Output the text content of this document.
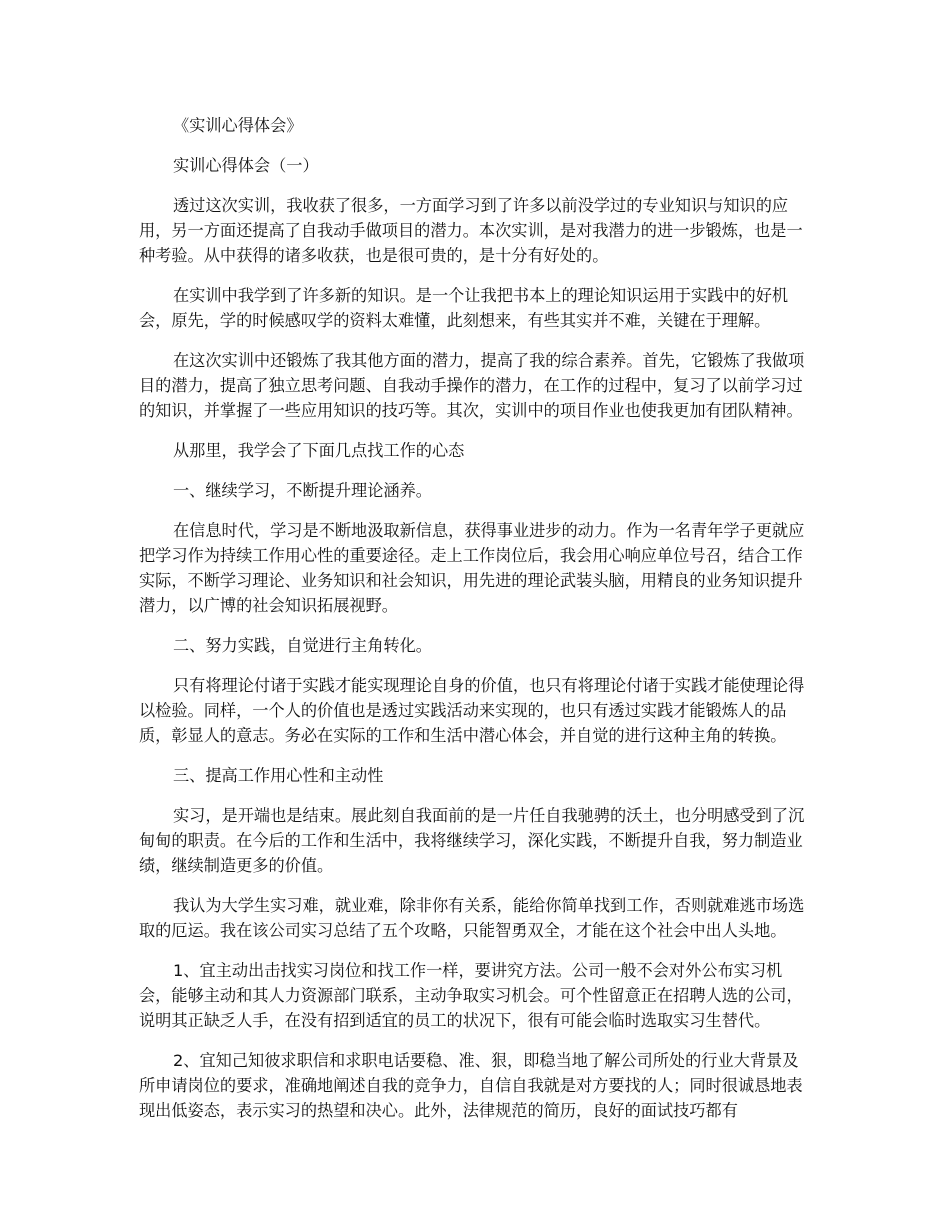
《实训心得体会》

实训心得体会（一）

透过这次实训，我收获了很多，一方面学习到了许多以前没学过的专业知识与知识的应
用，另一方面还提高了自我动手做项目的潜力。本次实训，是对我潜力的进一步锻炼，也是一
种考验。从中获得的诸多收获，也是很可贵的，是十分有好处的。
在实训中我学到了许多新的知识。是一个让我把书本上的理论知识运用于实践中的好机
会，原先，学的时候感叹学的资料太难懂，此刻想来，有些其实并不难，关键在于理解。
在这次实训中还锻炼了我其他方面的潜力，提高了我的综合素养。首先，它锻炼了我做项
目的潜力，提高了独立思考问题、自我动手操作的潜力，在工作的过程中，复习了以前学习过
的知识，并掌握了一些应用知识的技巧等。其次，实训中的项目作业也使我更加有团队精神。
从那里，我学会了下面几点找工作的心态
一、继续学习，不断提升理论涵养。
在信息时代，学习是不断地汲取新信息，获得事业进步的动力。作为一名青年学子更就应
把学习作为持续工作用心性的重要途径。走上工作岗位后，我会用心响应单位号召，结合工作
实际，不断学习理论、业务知识和社会知识，用先进的理论武装头脑，用精良的业务知识提升
潜力，以广博的社会知识拓展视野。
二、努力实践，自觉进行主角转化。
只有将理论付诸于实践才能实现理论自身的价值，也只有将理论付诸于实践才能使理论得
以检验。同样，一个人的价值也是透过实践活动来实现的，也只有透过实践才能锻炼人的品
质，彰显人的意志。务必在实际的工作和生活中潜心体会，并自觉的进行这种主角的转换。
三、提高工作用心性和主动性
实习，是开端也是结束。展此刻自我面前的是一片任自我驰骋的沃土，也分明感受到了沉
甸甸的职责。在今后的工作和生活中，我将继续学习，深化实践，不断提升自我，努力制造业
绩，继续制造更多的价值。
我认为大学生实习难，就业难，除非你有关系，能给你简单找到工作，否则就难逃市场选
取的厄运。我在该公司实习总结了五个攻略，只能智勇双全，才能在这个社会中出人头地。
1、宜主动出击找实习岗位和找工作一样，要讲究方法。公司一般不会对外公布实习机
会，能够主动和其人力资源部门联系，主动争取实习机会。可个性留意正在招聘人选的公司，
说明其正缺乏人手，在没有招到适宜的员工的状况下，很有可能会临时选取实习生替代。
2、宜知己知彼求职信和求职电话要稳、准、狠，即稳当地了解公司所处的行业大背景及
所申请岗位的要求，准确地阐述自我的竞争力，自信自我就是对方要找的人；同时很诚恳地表
现出低姿态，表示实习的热望和决心。此外，法律规范的简历，良好的面试技巧都有
